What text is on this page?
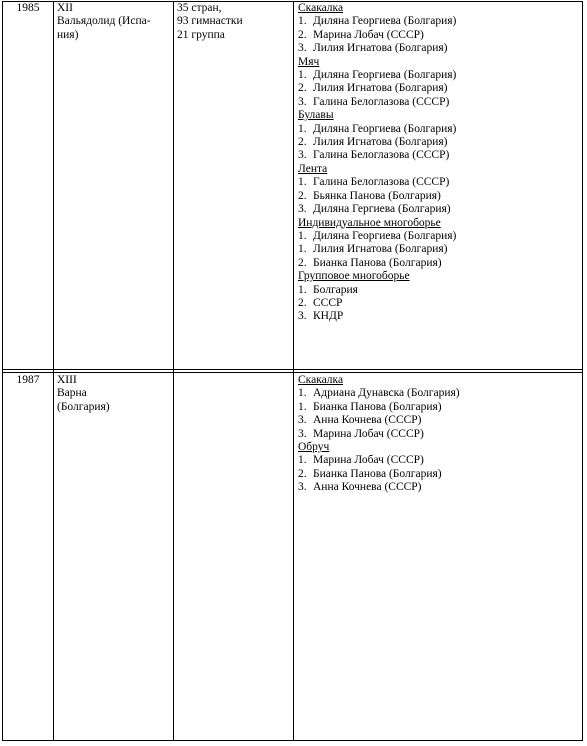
1985	XII
Вальядолид (Испа-
ния)
35 стран,
93 гимнастки
21 группа
Скакалка
1. Диляна Георгиева (Болгария)
2. Марина Лобач (СССР)
3. Лилия Игнатова (Болгария)
Мяч
1. Диляна Георгиева (Болгария)
2. Лилия Игнатова (Болгария)
3. Галина Белоглазова (СССР)
Булавы
1. Диляна Георгиева (Болгария)
2. Лилия Игнатова (Болгария)
3. Галина Белоглазова (СССР)
Лента
1. Галина Белоглазова (СССР)
2. Бьянка Панова (Болгария)
3. Диляна Гергиева (Болгария)
Индивидуальное многоборье
1. Диляна Георгиева (Болгария)
1. Лилия Игнатова (Болгария)
2. Бианка Панова (Болгария)
Групповое многоборье
1. Болгария
2. СССР
3. КНДР
1987	XIII
Варна
(Болгария)
Скакалка
1. Адриана Дунавска (Болгария)
1. Бианка Панова (Болгария)
3. Анна Кочнева (СССР)
3. Марина Лобач (СССР)
Обруч
1. Марина Лобач (СССР)
2. Бианка Панова (Болгария)
3. Анна Кочнева (СССР)
